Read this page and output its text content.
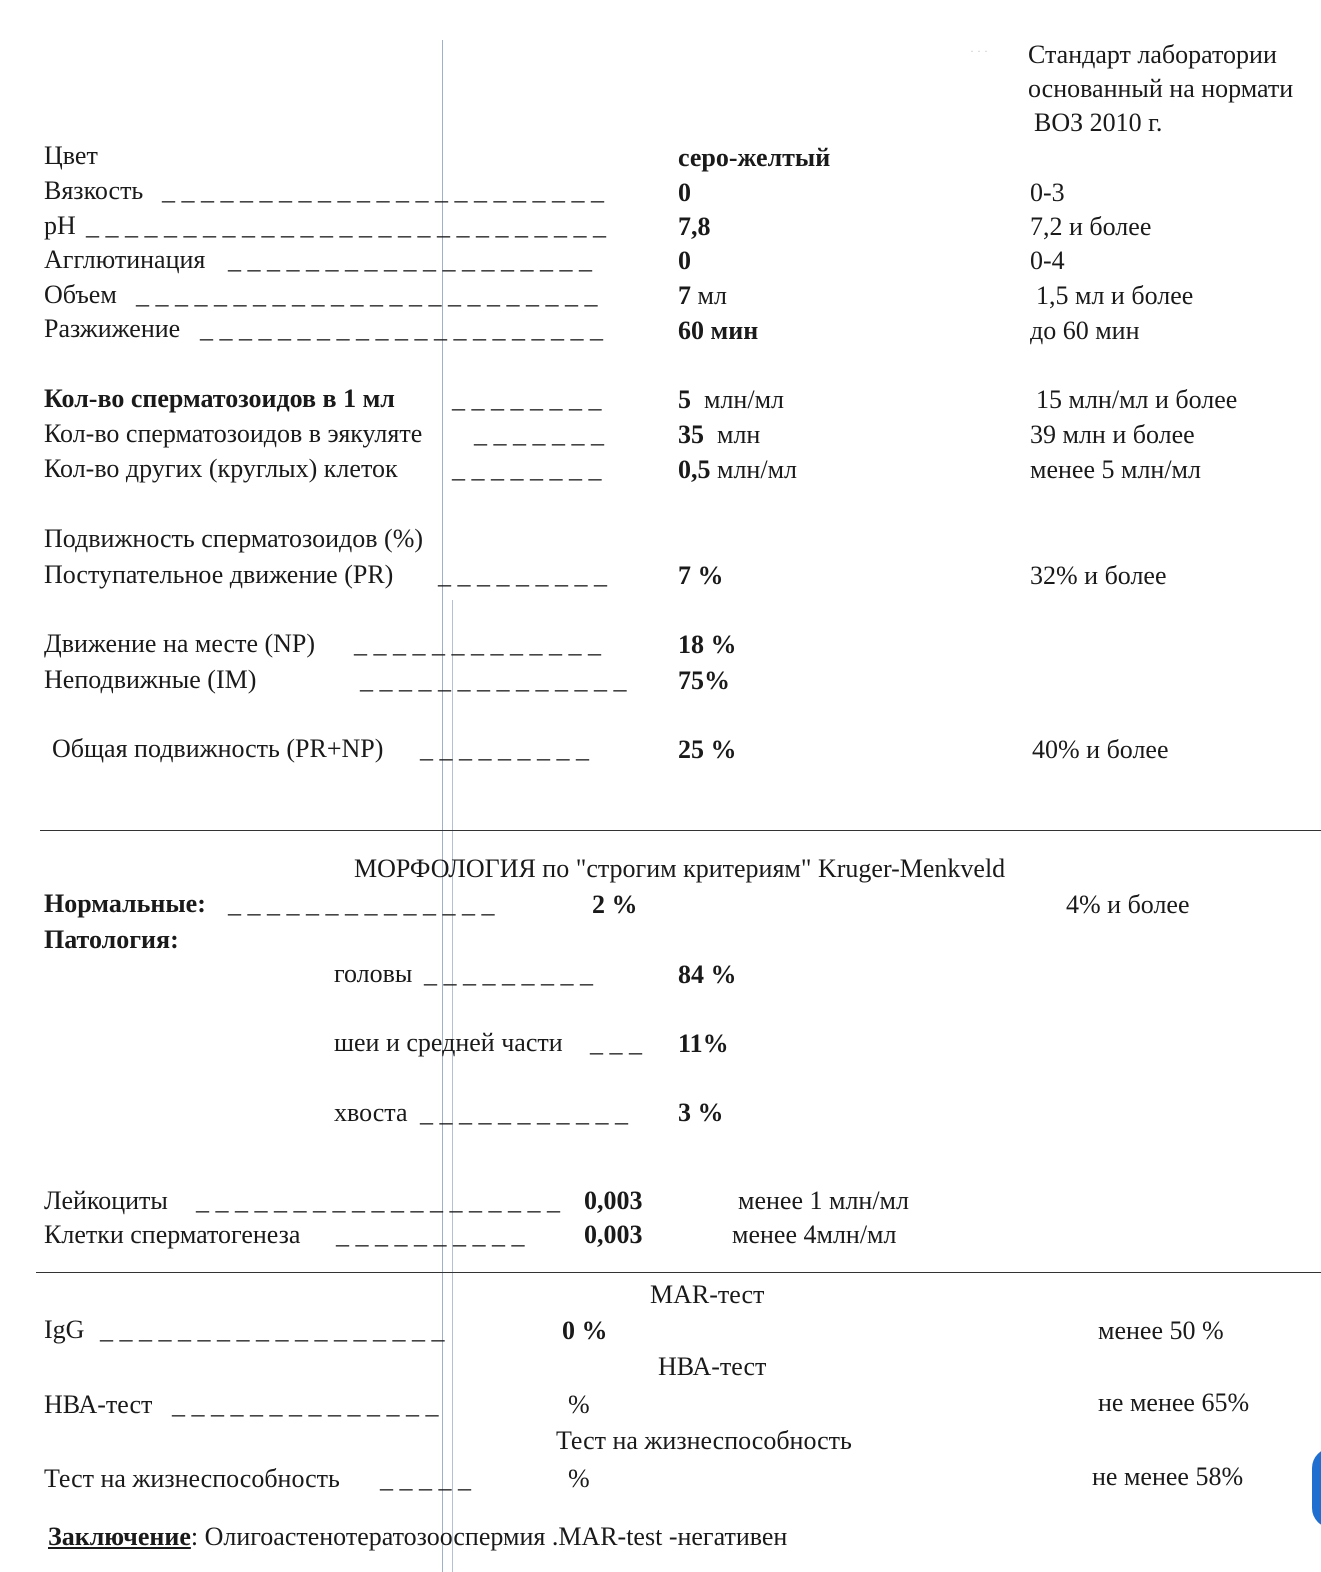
· · · Стандарт лаборатории
основанный на нормати
ВОЗ 2010 г.
Цвет	серо-желтый
Вязкость _ _ _ _ _ _ _ _ _ _ _ _ _ _ _ _ _ _ _ _ _ _ _	0	0-3
pH _ _ _ _ _ _ _ _ _ _ _ _ _ _ _ _ _ _ _ _ _ _ _ _ _ _ _	7,8	7,2 и более
Агглютинация _ _ _ _ _ _ _ _ _ _ _ _ _ _ _ _ _ _ _	0	0-4
Объем _ _ _ _ _ _ _ _ _ _ _ _ _ _ _ _ _ _ _ _ _ _ _ _	7 мл	1,5 мл и более
Разжижение _ _ _ _ _ _ _ _ _ _ _ _ _ _ _ _ _ _ _ _ _	60 мин	до 60 мин
Кол-во сперматозоидов в 1 мл _ _ _ _ _ _ _ _	5 млн/мл	15 млн/мл и более
Кол-во сперматозоидов в эякуляте _ _ _ _ _ _ _	35 млн	39 млн и более
Кол-во других (круглых) клеток _ _ _ _ _ _ _ _	0,5 млн/мл	менее 5 млн/мл
Подвижность сперматозоидов (%)
Поступательное движение (PR) _ _ _ _ _ _ _ _ _	7 %	32% и более
Движение на месте (NP) _ _ _ _ _ _ _ _ _ _ _ _ _	18 %
Неподвижные (IM)	_ _ _ _ _ _ _ _ _ _ _ _ _ _ 75%
Общая подвижность (PR+NP) _ _ _ _ _ _ _ _ _	25 %	40% и более
МОРФОЛОГИЯ по "строгим критериям" Kruger-Menkveld
Нормальные: _ _ _ _ _ _ _ _ _ _ _ _ _ _	2 %	4% и более
Патология:
головы _ _ _ _ _ _ _ _ _	84 %
шеи и средней части _ _ _ 11%
хвоста _ _ _ _ _ _ _ _ _ _ _ 3 %
Лейкоциты _ _ _ _ _ _ _ _ _ _ _ _ _ _ _ _ _ _ _ 0,003	менее 1 млн/мл
Клетки сперматогенеза _ _ _ _ _ _ _ _ _ _ 0,003	менее 4млн/мл
MAR-тест
IgG _ _ _ _ _ _ _ _ _ _ _ _ _ _ _ _ _ _	0 %	менее 50 %
НВА-тест
НВА-тест _ _ _ _ _ _ _ _ _ _ _ _ _ _	%	не менее 65%
Тест на жизнеспособность
Тест на жизнеспособность _ _ _ _ _	%	не менее 58%
Заключение: Олигоастенотератозооспермия .MAR-test -негативен
